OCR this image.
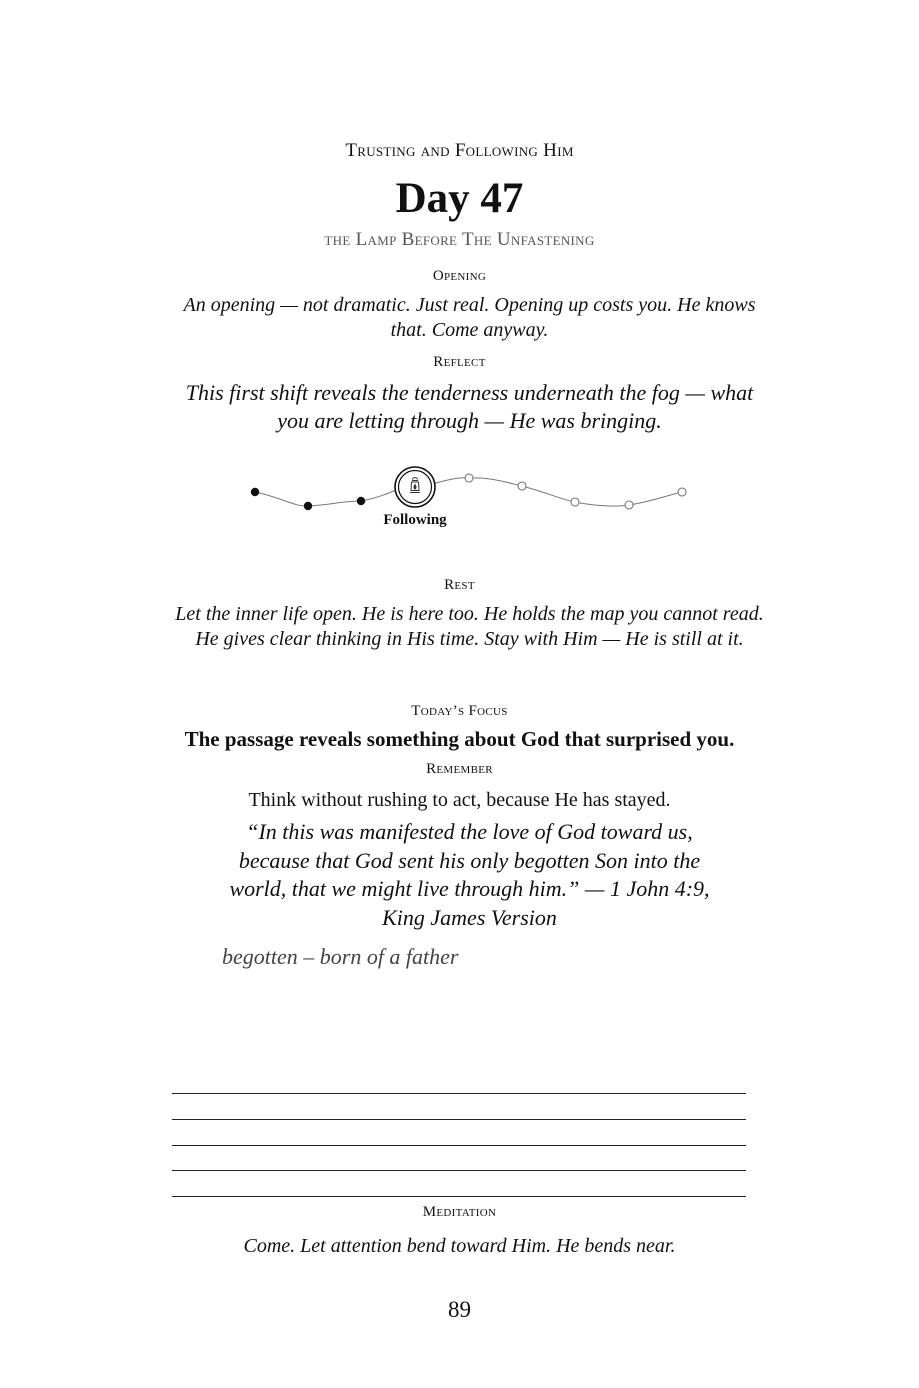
Trusting and Following Him
Day 47
the Lamp Before The Unfastening
Opening
An opening — not dramatic. Just real. Opening up costs you. He knows that. Come anyway.
Reflect
This first shift reveals the tenderness underneath the fog — what you are letting through — He was bringing.
Following
Rest
Let the inner life open. He is here too. He holds the map you cannot read. He gives clear thinking in His time. Stay with Him — He is still at it.
Today’s Focus
The passage reveals something about God that surprised you.
Remember
Think without rushing to act, because He has stayed.
“In this was manifested the love of God toward us, because that God sent his only begotten Son into the world, that we might live through him.” — 1 John 4:9, King James Version
begotten – born of a father
Meditation
Come. Let attention bend toward Him. He bends near.
89
